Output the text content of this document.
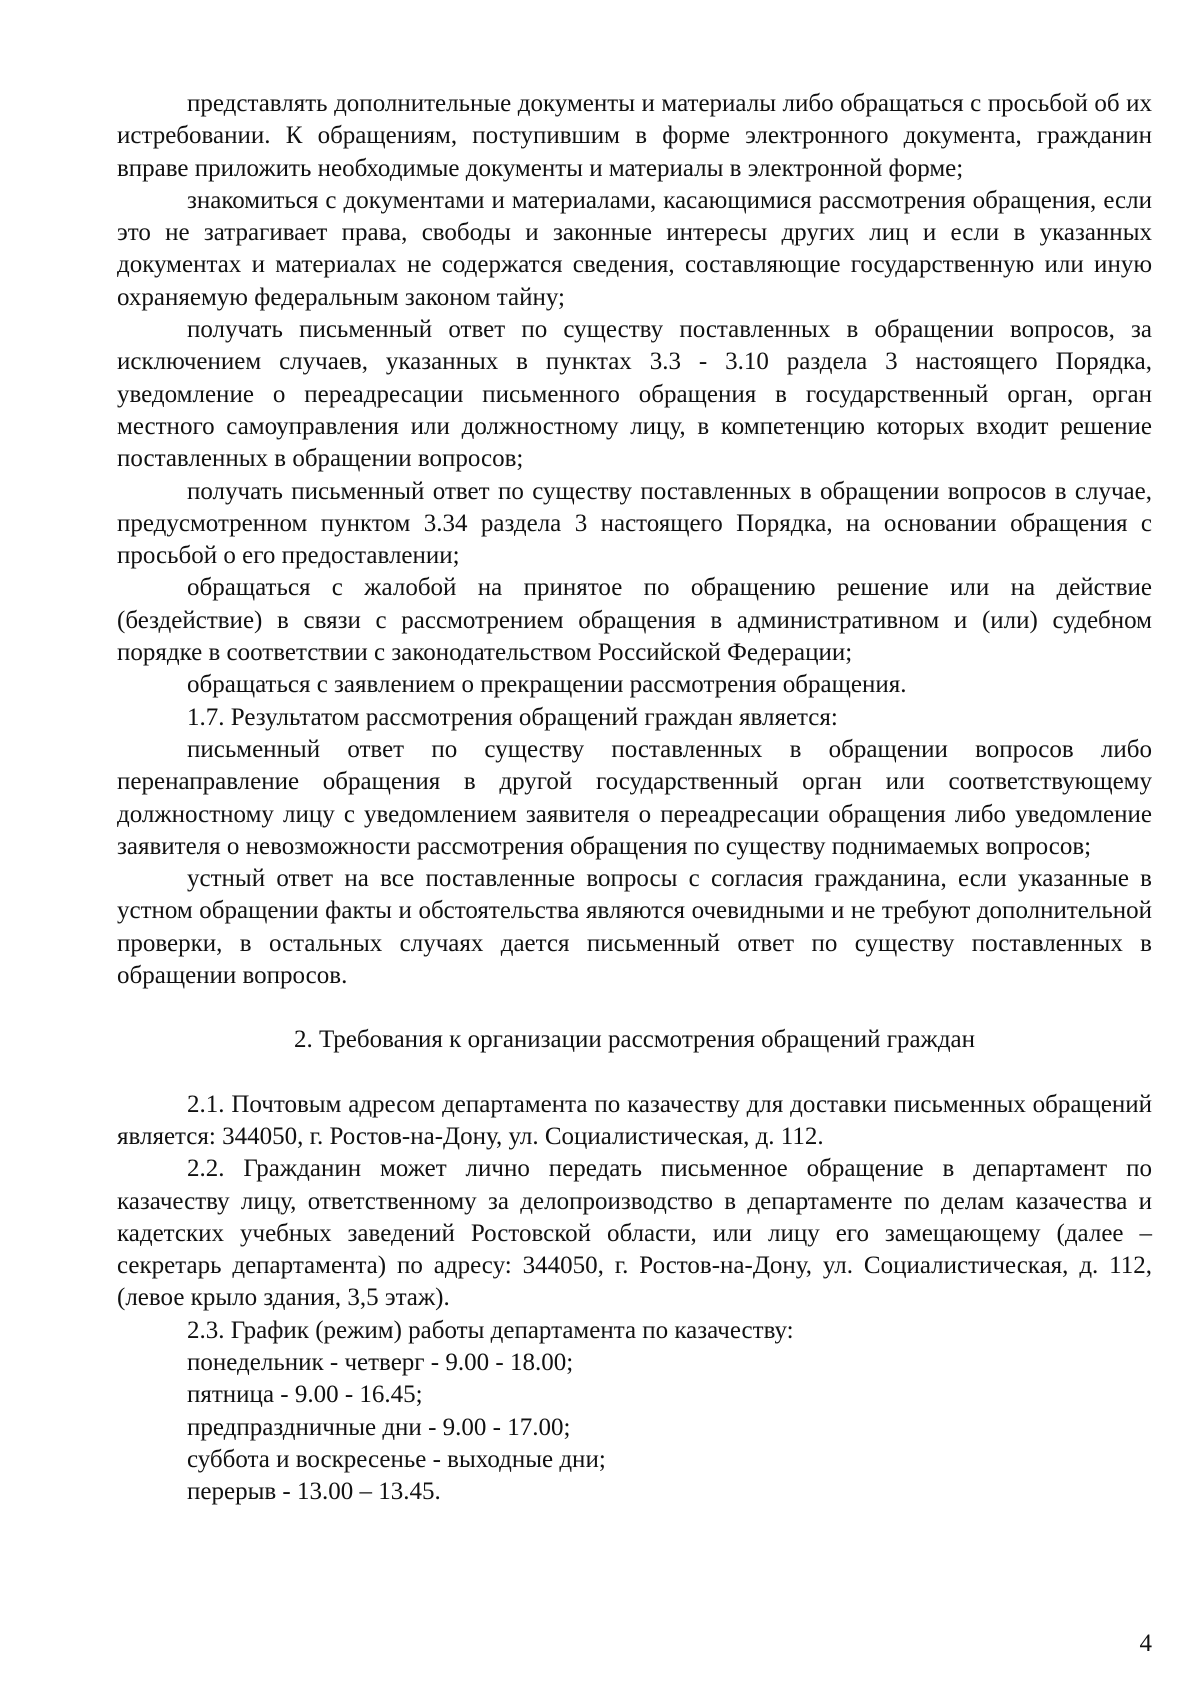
представлять дополнительные документы и материалы либо обращаться с просьбой об их истребовании. К обращениям, поступившим в форме электронного документа, гражданин вправе приложить необходимые документы и материалы в электронной форме;

знакомиться с документами и материалами, касающимися рассмотрения обращения, если это не затрагивает права, свободы и законные интересы других лиц и если в указанных документах и материалах не содержатся сведения, составляющие государственную или иную охраняемую федеральным законом тайну;

получать письменный ответ по существу поставленных в обращении вопросов, за исключением случаев, указанных в пунктах 3.3 - 3.10 раздела 3 настоящего Порядка, уведомление о переадресации письменного обращения в государственный орган, орган местного самоуправления или должностному лицу, в компетенцию которых входит решение поставленных в обращении вопросов;

получать письменный ответ по существу поставленных в обращении вопросов в случае, предусмотренном пунктом 3.34 раздела 3 настоящего Порядка, на основании обращения с просьбой о его предоставлении;

обращаться с жалобой на принятое по обращению решение или на действие (бездействие) в связи с рассмотрением обращения в административном и (или) судебном порядке в соответствии с законодательством Российской Федерации;

обращаться с заявлением о прекращении рассмотрения обращения.

1.7. Результатом рассмотрения обращений граждан является:

письменный ответ по существу поставленных в обращении вопросов либо перенаправление обращения в другой государственный орган или соответствующему должностному лицу с уведомлением заявителя о переадресации обращения либо уведомление заявителя о невозможности рассмотрения обращения по существу поднимаемых вопросов;

устный ответ на все поставленные вопросы с согласия гражданина, если указанные в устном обращении факты и обстоятельства являются очевидными и не требуют дополнительной проверки, в остальных случаях дается письменный ответ по существу поставленных в обращении вопросов.

2. Требования к организации рассмотрения обращений граждан

2.1. Почтовым адресом департамента по казачеству для доставки письменных обращений является: 344050, г. Ростов-на-Дону, ул. Социалистическая, д. 112.

2.2. Гражданин может лично передать письменное обращение в департамент по казачеству лицу, ответственному за делопроизводство в департаменте по делам казачества и кадетских учебных заведений Ростовской области, или лицу его замещающему (далее – секретарь департамента) по адресу: 344050, г. Ростов-на-Дону, ул. Социалистическая, д. 112, (левое крыло здания, 3,5 этаж).

2.3. График (режим) работы департамента по казачеству:

понедельник - четверг - 9.00 - 18.00;

пятница - 9.00 - 16.45;

предпраздничные дни - 9.00 - 17.00;

суббота и воскресенье - выходные дни;

перерыв - 13.00 – 13.45.

4
